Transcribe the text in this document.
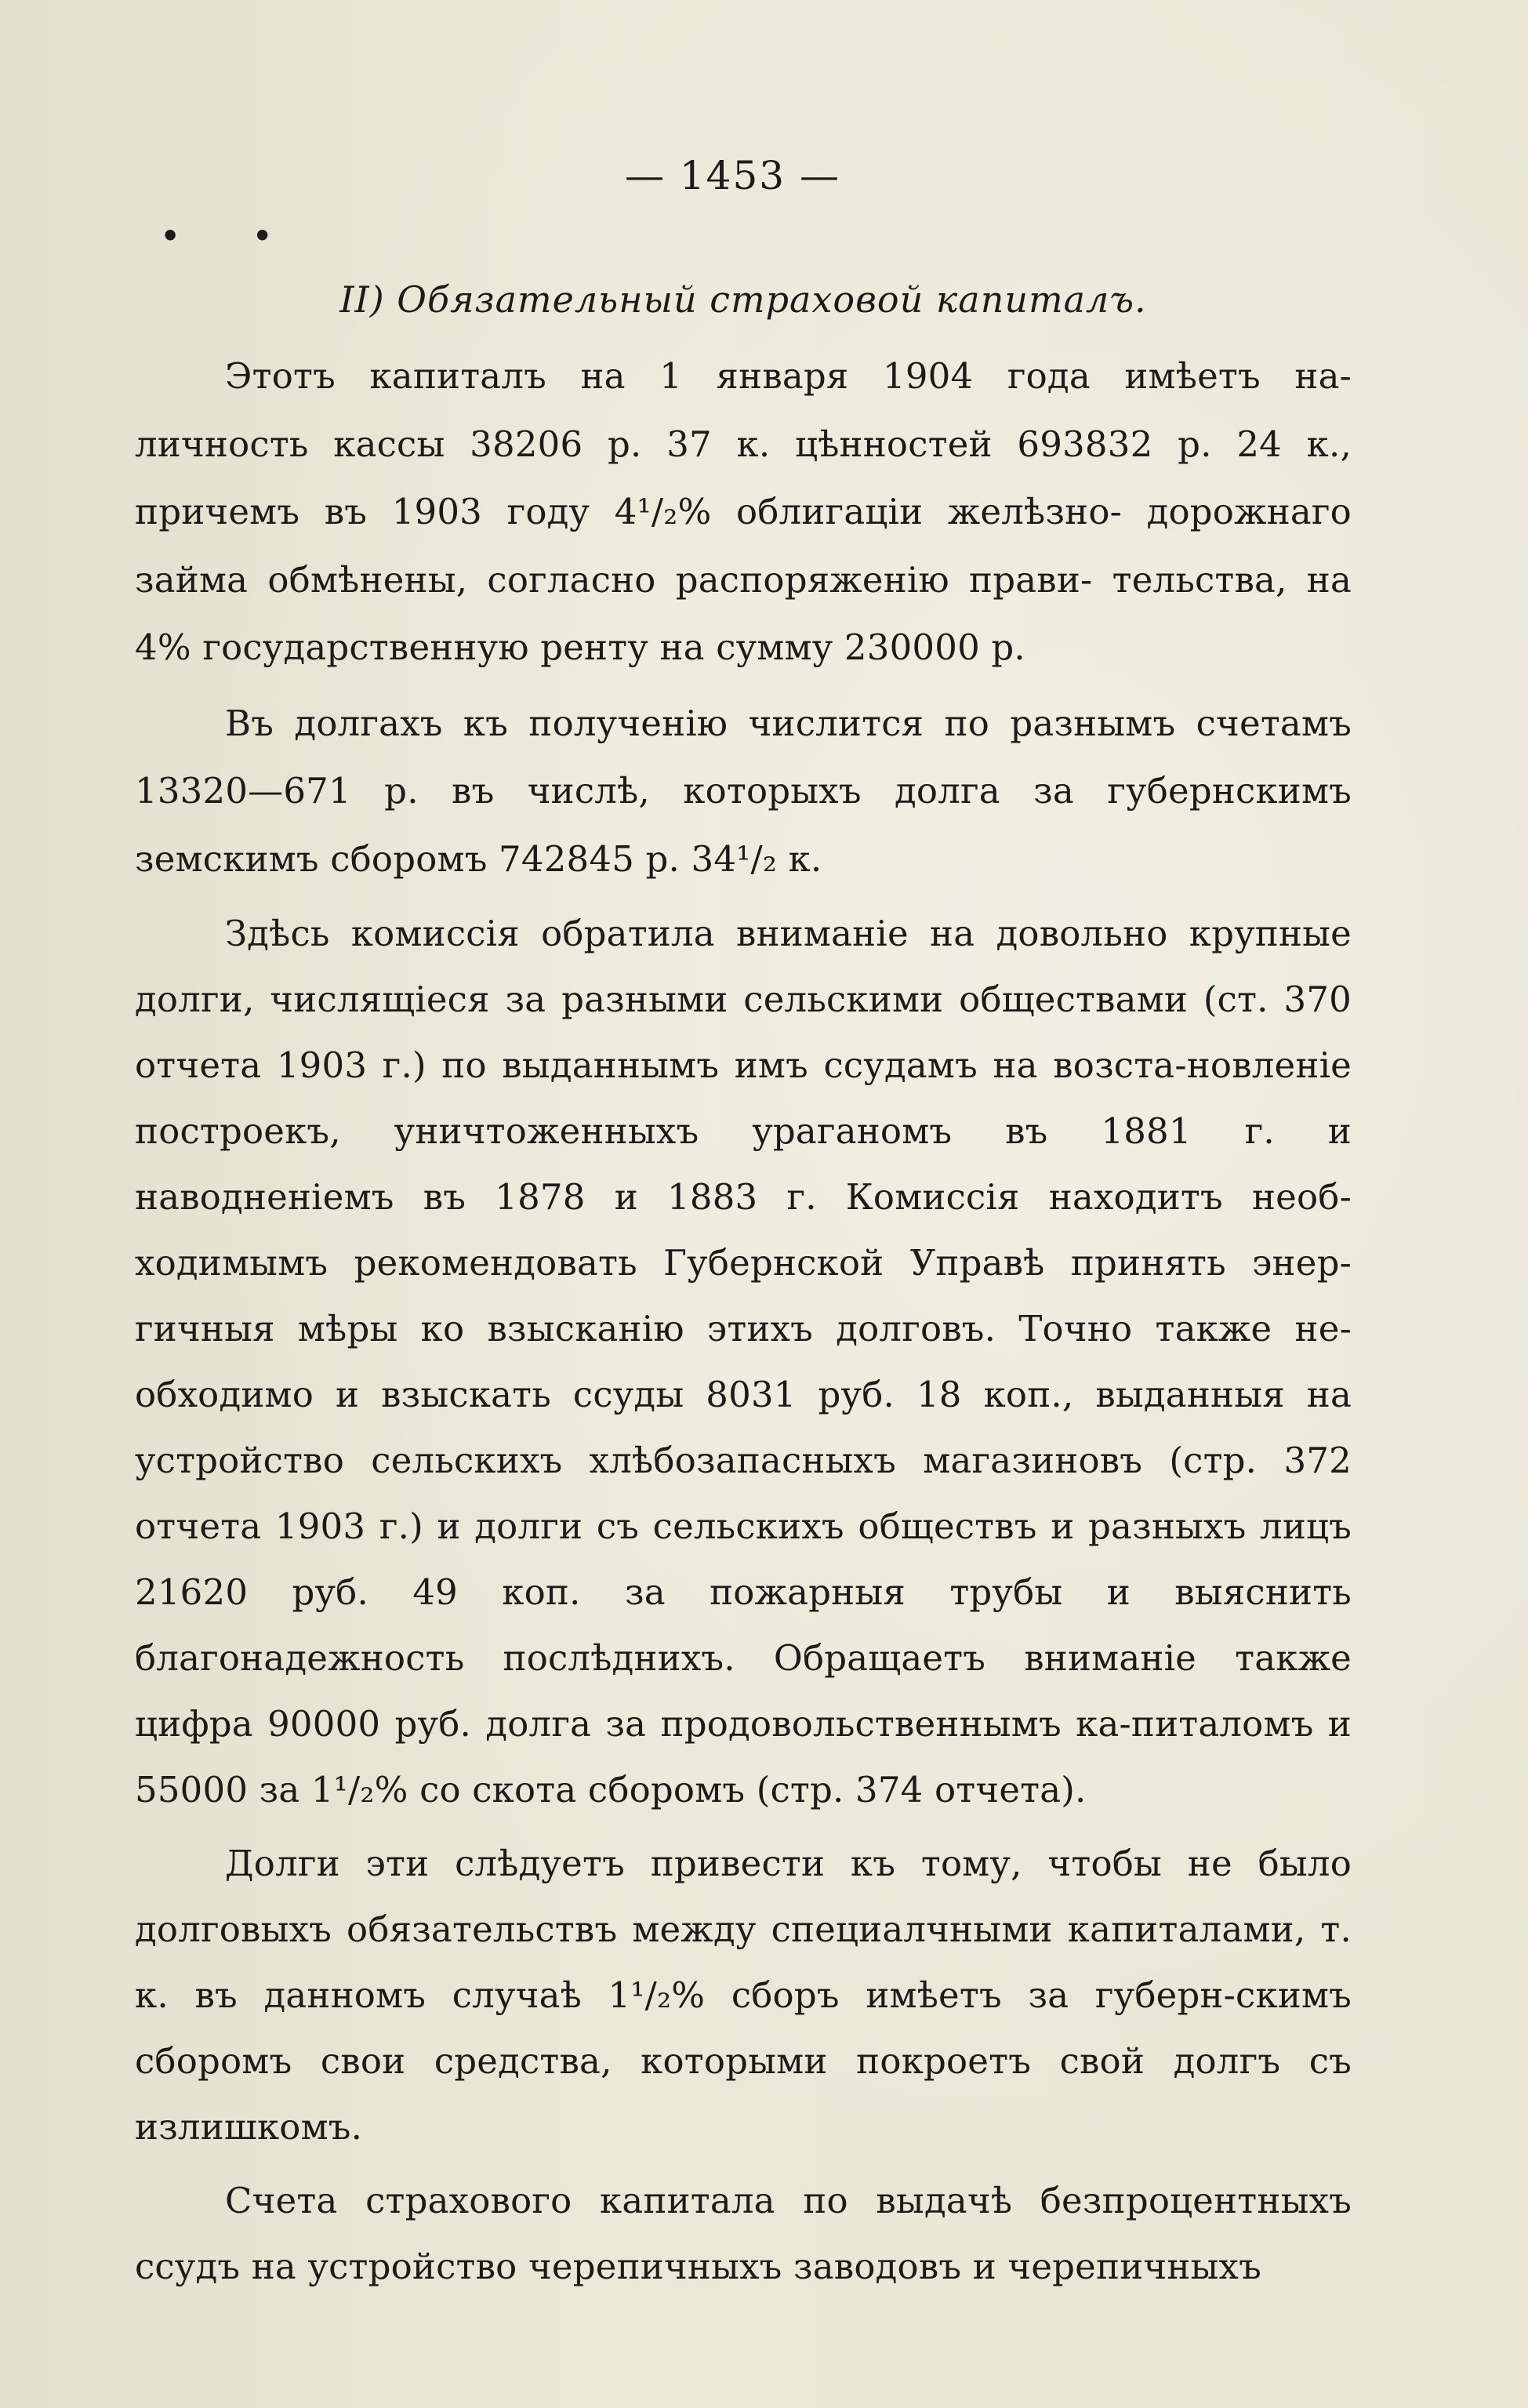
— 1453 —
• •
II) Обязательный страховой капиталъ.

Этотъ капиталъ на 1 января 1904 года имѣетъ на- личность кассы 38206 р. 37 к. цѣнностей 693832 р. 24 к., причемъ въ 1903 году 4¹/₂% облигаціи желѣзно- дорожнаго займа обмѣнены, согласно распоряженію прави- тельства, на 4% государственную ренту на сумму 230000 р.

Въ долгахъ къ полученію числится по разнымъ счетамъ 13320—671 р. въ числѣ, которыхъ долга за губернскимъ земскимъ сборомъ 742845 р. 34¹/₂ к.

Здѣсь комиссія обратила вниманіе на довольно крупные долги, числящіеся за разными сельскими обществами (ст. 370 отчета 1903 г.) по выданнымъ имъ ссудамъ на возста-новленіе построекъ, уничтоженныхъ ураганомъ въ 1881 г. и наводненіемъ въ 1878 и 1883 г. Комиссія находитъ необ-ходимымъ рекомендовать Губернской Управѣ принять энер-гичныя мѣры ко взысканію этихъ долговъ. Точно также не-обходимо и взыскать ссуды 8031 руб. 18 коп., выданныя на устройство сельскихъ хлѣбозапасныхъ магазиновъ (стр. 372 отчета 1903 г.) и долги съ сельскихъ обществъ и разныхъ лицъ 21620 руб. 49 коп. за пожарныя трубы и выяснить благонадежность послѣднихъ. Обращаетъ вниманіе также цифра 90000 руб. долга за продовольственнымъ ка-питаломъ и 55000 за 1¹/₂% со скота сборомъ (стр. 374 отчета).

Долги эти слѣдуетъ привести къ тому, чтобы не было долговыхъ обязательствъ между специалчными капиталами, т. к. въ данномъ случаѣ 1¹/₂% сборъ имѣетъ за губерн-скимъ сборомъ свои средства, которыми покроетъ свой долгъ съ излишкомъ.

Счета страхового капитала по выдачѣ безпроцентныхъ ссудъ на устройство черепичныхъ заводовъ и черепичныхъ
